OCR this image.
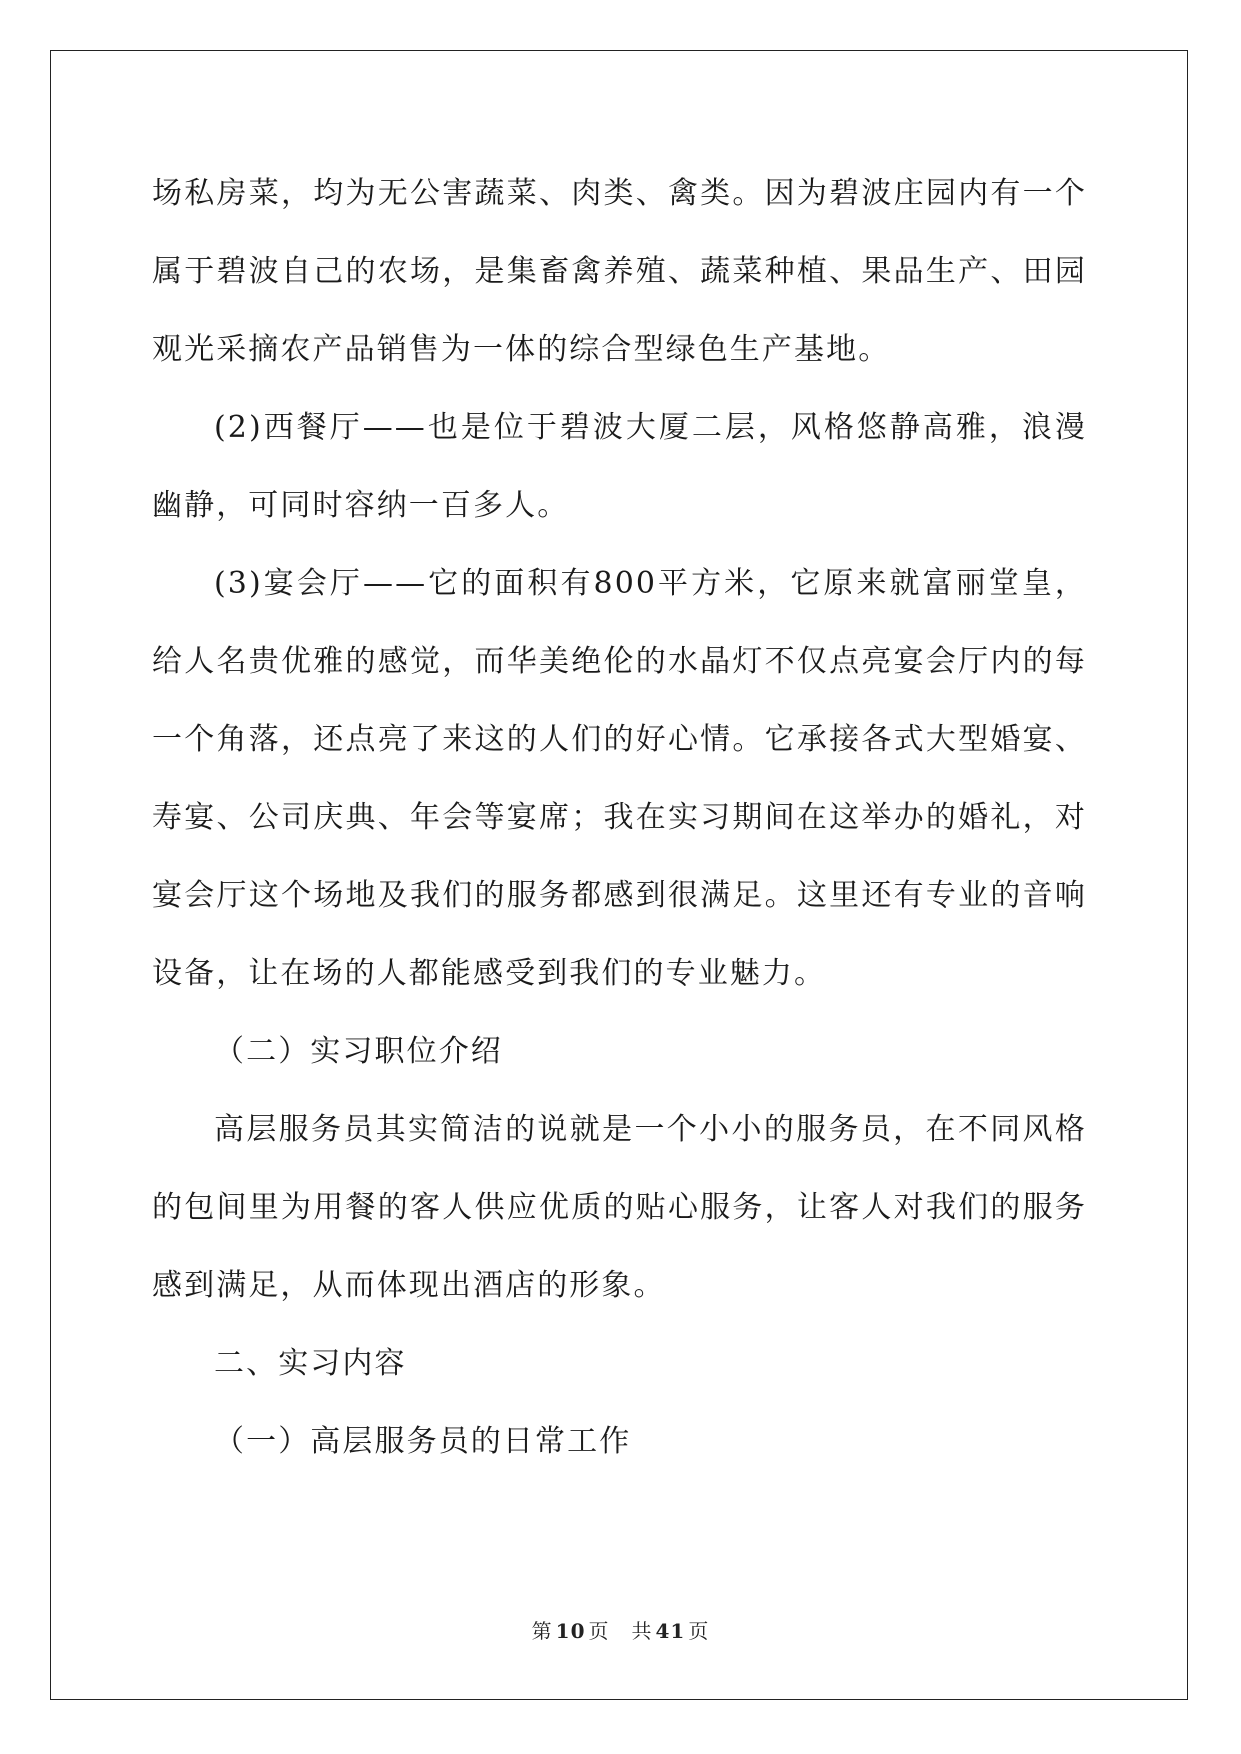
场私房菜，均为无公害蔬菜、肉类、禽类。因为碧波庄园内有一个属于碧波自己的农场，是集畜禽养殖、蔬菜种植、果品生产、田园观光采摘农产品销售为一体的综合型绿色生产基地。

(2)西餐厅——也是位于碧波大厦二层，风格悠静高雅，浪漫幽静，可同时容纳一百多人。

(3)宴会厅——它的面积有800平方米，它原来就富丽堂皇，给人名贵优雅的感觉，而华美绝伦的水晶灯不仅点亮宴会厅内的每一个角落，还点亮了来这的人们的好心情。它承接各式大型婚宴、寿宴、公司庆典、年会等宴席；我在实习期间在这举办的婚礼，对宴会厅这个场地及我们的服务都感到很满足。这里还有专业的音响设备，让在场的人都能感受到我们的专业魅力。

（二）实习职位介绍

高层服务员其实简洁的说就是一个小小的服务员，在不同风格的包间里为用餐的客人供应优质的贴心服务，让客人对我们的服务感到满足，从而体现出酒店的形象。

二、实习内容

（一）高层服务员的日常工作

第 10 页 共 41 页
